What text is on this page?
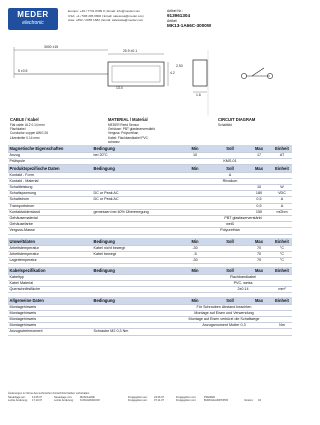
MEDER
electronic
Europe: +49 / 7731 8399 0 | Email: info@meder.com
USA: +1 / 508 295 0800 | Email: salesusa@meder.com
Asia: +852 / 2955 1682 | Email: salesasia@meder.com
Artikel Nr.:
913961304
Artikel:
MK13-1A66C-3000W
3000 ±15
25.9 ±0.1
5 ±0.5	4.2
2.53
1.6
13.4
CABLE / Kabel
Flat cable UL2 0.14 mm²
Flachkabel
Conductor copper AWG 26
Litzenleiter 0.14 mm²
MATERIAL / Material
MEDER Reed Sensor
Gehäuse: PBT glasfaserverstärkt
Verguss: Polyurethan
Kabel: Flachbandkabel PVC
schwarz
CIRCUIT DIAGRAM
Schaltbild
Magnetische Eigenschaften	Bedingung	Min	Soll	Max	Einheit
Anzug	bei 20°C	10		17	AT
Prüfspule			KMS-01		
Produktspezifische Daten	Bedingung	Min	Soll	Max	Einheit
Kontakt - Form			A		
Kontakt - Material			Rhodium		
Schaltleistung				10	W
Schaltspannung	DC or Peak AC			180	VDC
Schaltstrom	DC or Peak AC			0,5	A
Transportstrom				0,5	A
Kontaktwiderstand	gemessen bei 40% Übererregung			150	mOhm
Gehäusematerial			PBT glasfaserverstärkt		
Gehäusefarbe			weiß		
Verguss-Masse			Polyurethan		
Umweltdaten	Bedingung	Min	Soll	Max	Einheit
Arbeitstemperatur	Kabel nicht bewegt	-30		70	°C
Arbeitstemperatur	Kabel bewegt	-5		70	°C
Lagertemperatur		-30		70	°C
Kabelspezifikation	Bedingung	Min	Soll	Max	Einheit
Kabeltyp			Flachbandkabel		
Kabel Material			PVC, weiss		
Querschnittsfläche			2x0.14		mm²
Allgemeine Daten	Bedingung	Min	Soll	Max	Einheit
Montagehinweis		Für Schrauben Abstand beachten			
Montagehinweis		Montage auf Eisen und Verwendung			
Montagehinweis		Montage aut Eisen verkürzt die Schaltwege			
Montagehinweis		Anzugsmoment Mutter 0,3			Nm
Anzugsdrehmoment	Schraube M2 0,3 Nm				
Änderungen im Sinne des technischen Fortschritts bleiben vorbehalten
Neuanlage am:	14.05.07	Neuanlage von:	MASCHADE	Freigegeben am:	24.06.07	Freigegeben von:	PFEIFER
Letzte Änderung:	17.10.07	Letzte Änderung:	KUSCHRIANOW	Freigegeben am:	07.11.07	Freigegeben von:	BURCHHARDT/PFR	Version:	04
